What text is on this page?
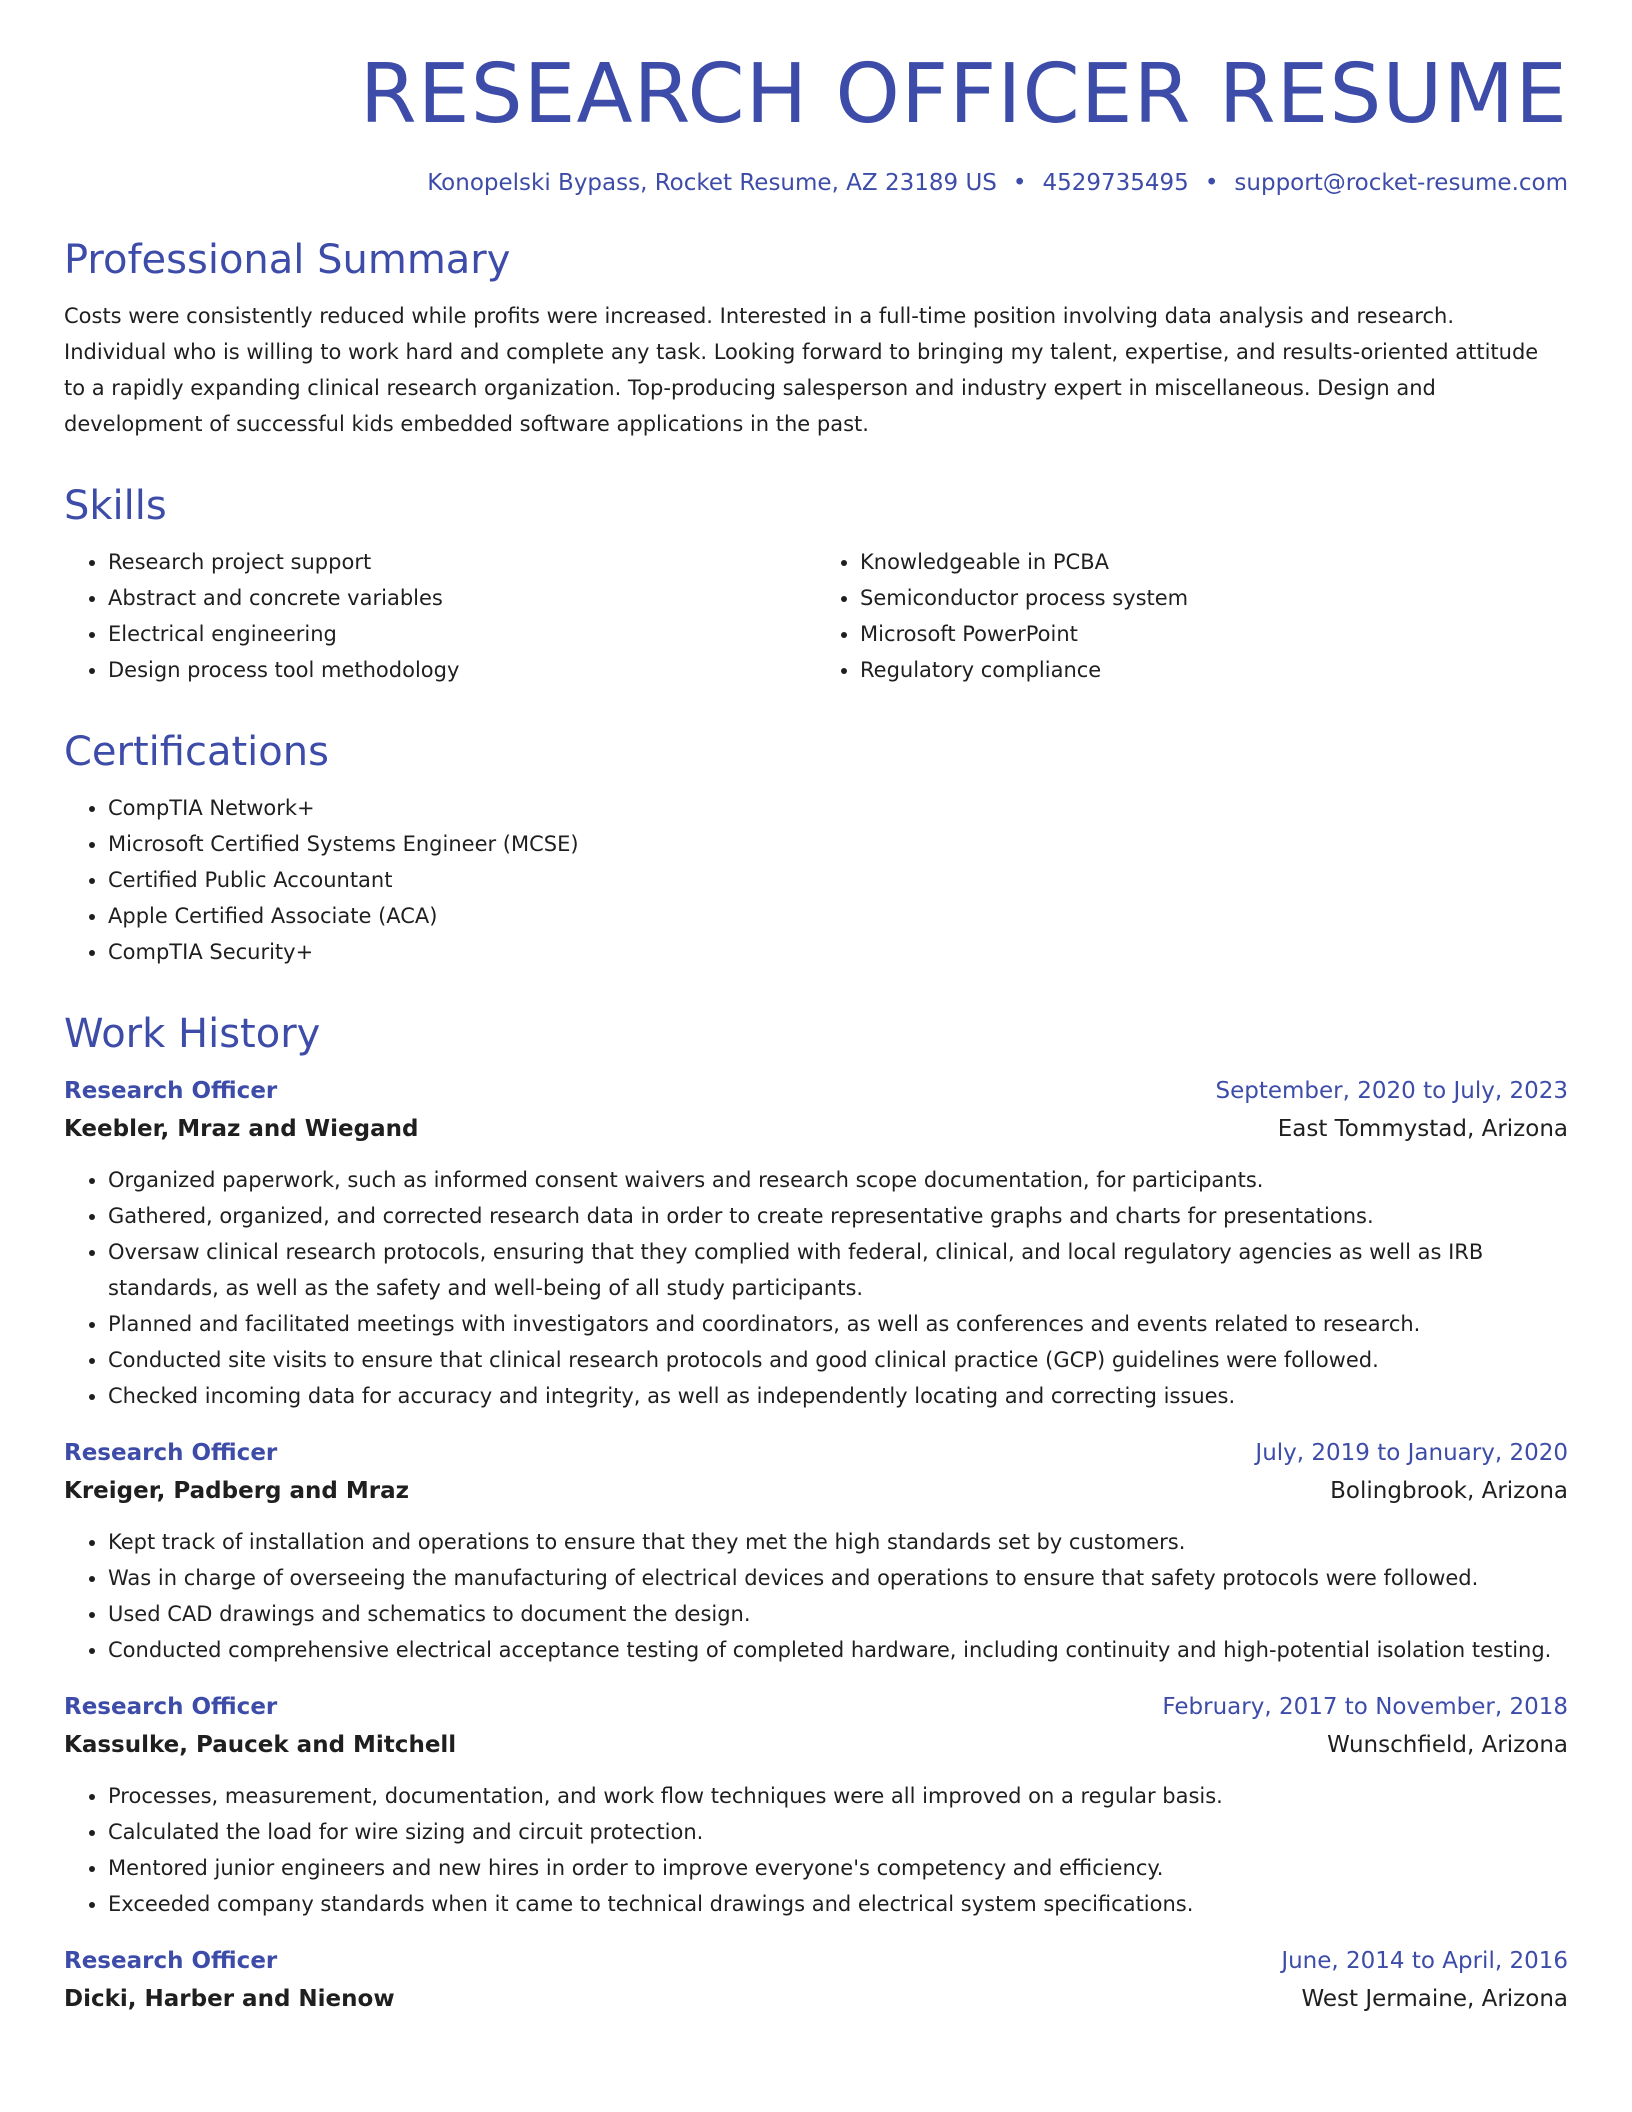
RESEARCH OFFICER RESUME
Konopelski Bypass, Rocket Resume, AZ 23189 US • 4529735495 • support@rocket-resume.com
Professional Summary

Costs were consistently reduced while profits were increased. Interested in a full-time position involving data analysis and research. Individual who is willing to work hard and complete any task. Looking forward to bringing my talent, expertise, and results-oriented attitude to a rapidly expanding clinical research organization. Top-producing salesperson and industry expert in miscellaneous. Design and development of successful kids embedded software applications in the past.

Skills
• Research project support
• Abstract and concrete variables
• Electrical engineering
• Design process tool methodology
• Knowledgeable in PCBA
• Semiconductor process system
• Microsoft PowerPoint
• Regulatory compliance
Certifications
• CompTIA Network+
• Microsoft Certified Systems Engineer (MCSE)
• Certified Public Accountant
• Apple Certified Associate (ACA)
• CompTIA Security+
Work History
Research Officer	September, 2020 to July, 2023
Keebler, Mraz and Wiegand	East Tommystad, Arizona
• Organized paperwork, such as informed consent waivers and research scope documentation, for participants.
• Gathered, organized, and corrected research data in order to create representative graphs and charts for presentations.
• Oversaw clinical research protocols, ensuring that they complied with federal, clinical, and local regulatory agencies as well as IRB standards, as well as the safety and well-being of all study participants.
• Planned and facilitated meetings with investigators and coordinators, as well as conferences and events related to research.
• Conducted site visits to ensure that clinical research protocols and good clinical practice (GCP) guidelines were followed.
• Checked incoming data for accuracy and integrity, as well as independently locating and correcting issues.
Research Officer	July, 2019 to January, 2020
Kreiger, Padberg and Mraz	Bolingbrook, Arizona
• Kept track of installation and operations to ensure that they met the high standards set by customers.
• Was in charge of overseeing the manufacturing of electrical devices and operations to ensure that safety protocols were followed.
• Used CAD drawings and schematics to document the design.
• Conducted comprehensive electrical acceptance testing of completed hardware, including continuity and high-potential isolation testing.
Research Officer	February, 2017 to November, 2018
Kassulke, Paucek and Mitchell	Wunschfield, Arizona
• Processes, measurement, documentation, and work flow techniques were all improved on a regular basis.
• Calculated the load for wire sizing and circuit protection.
• Mentored junior engineers and new hires in order to improve everyone's competency and efficiency.
• Exceeded company standards when it came to technical drawings and electrical system specifications.
Research Officer	June, 2014 to April, 2016
Dicki, Harber and Nienow	West Jermaine, Arizona
